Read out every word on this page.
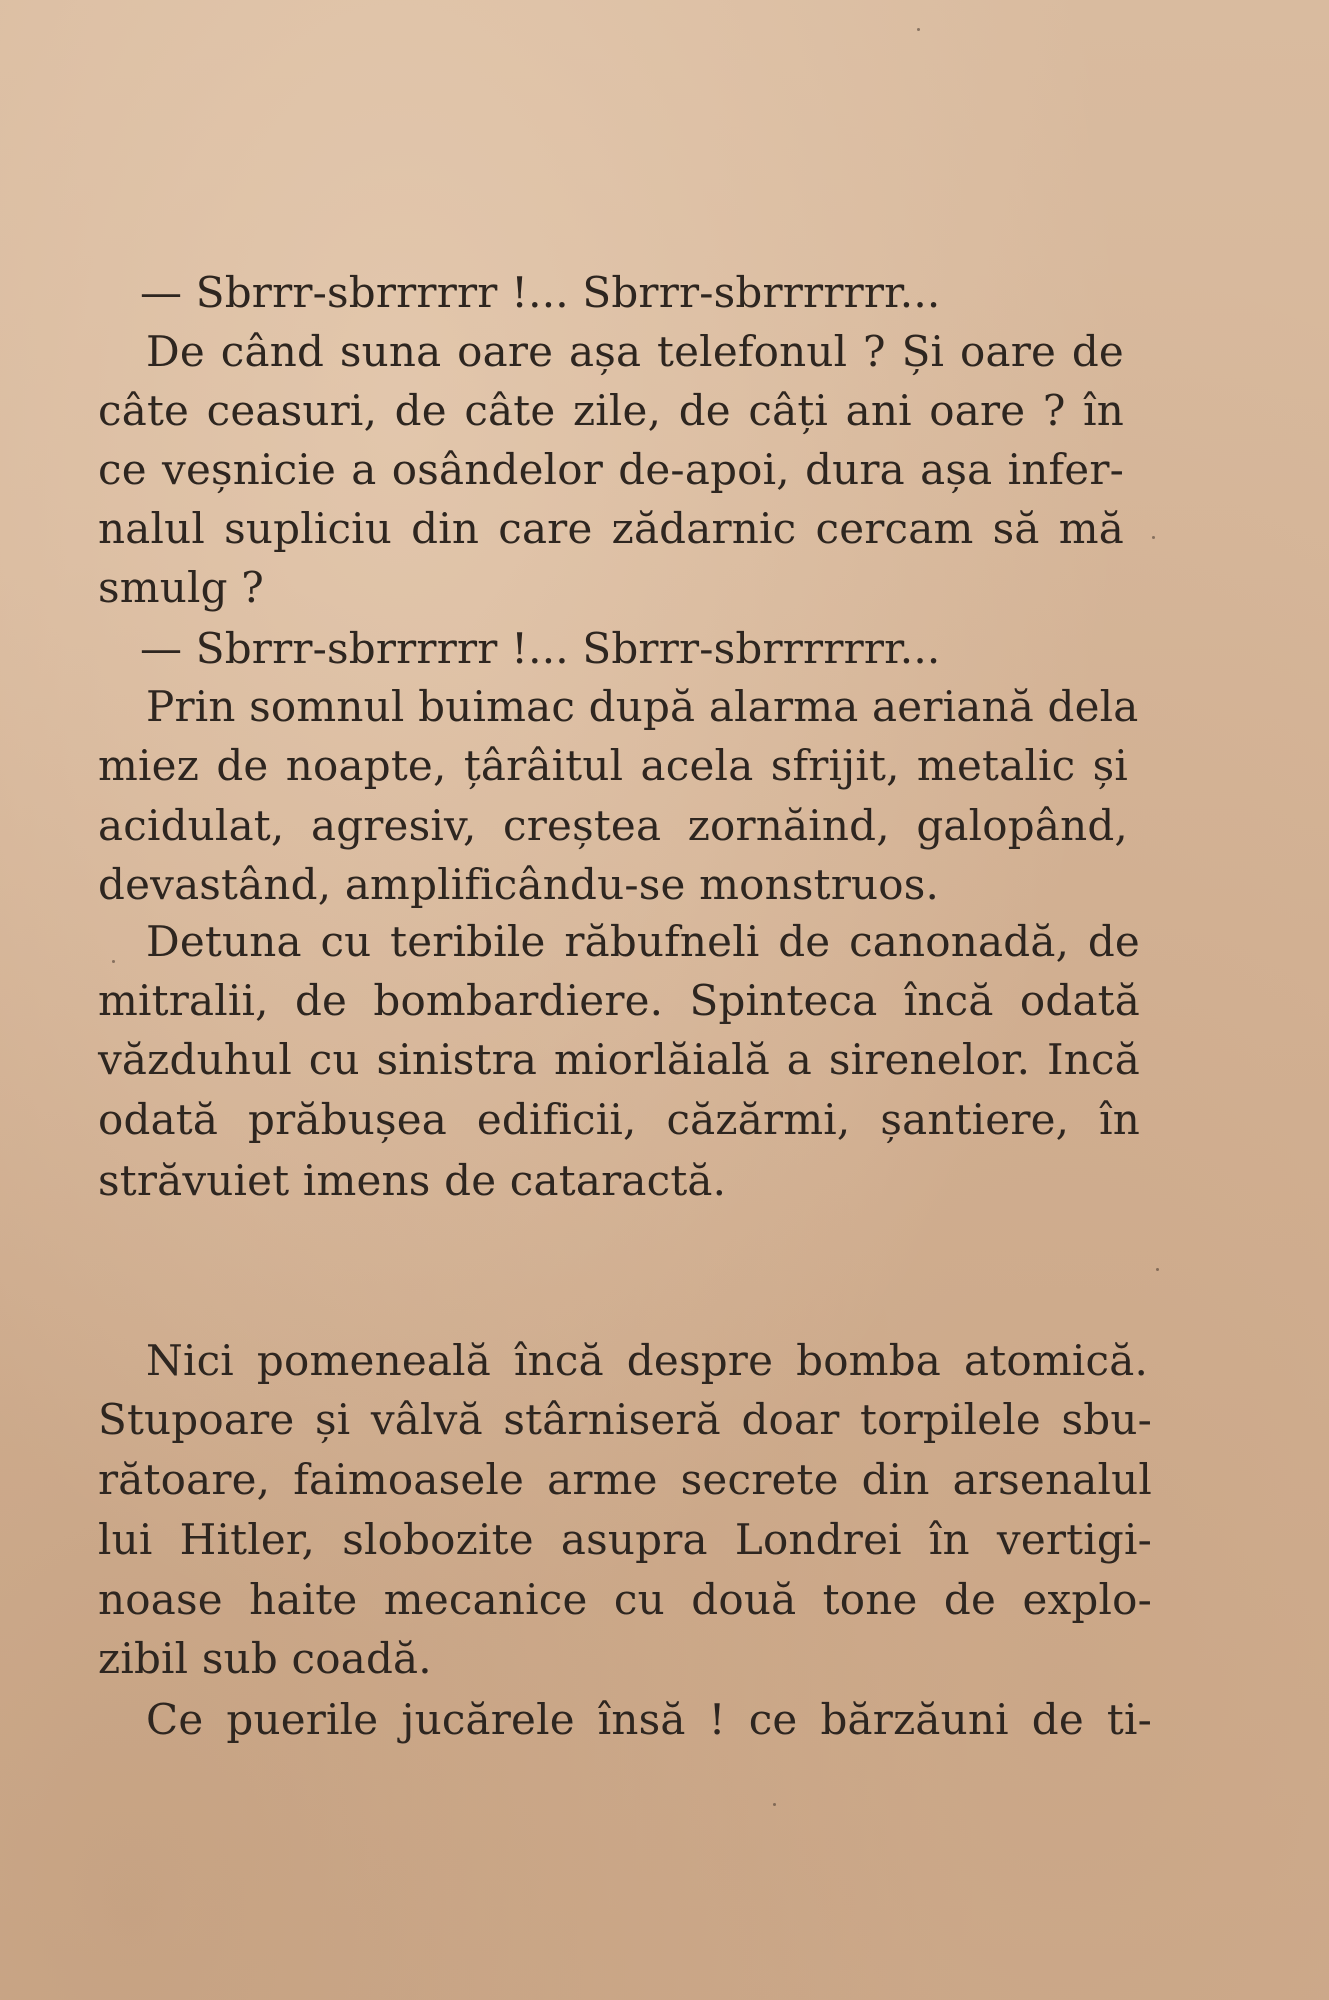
— Sbrrr-sbrrrrrr !... Sbrrr-sbrrrrrrr...
De când suna oare așa telefonul ? Și oare de
câte ceasuri, de câte zile, de câți ani oare ? în
ce veșnicie a osândelor de-apoi, dura așa infer-
nalul supliciu din care zădarnic cercam să mă
smulg ?
— Sbrrr-sbrrrrrr !... Sbrrr-sbrrrrrrr...
Prin somnul buimac după alarma aeriană dela
miez de noapte, țârâitul acela sfrijit, metalic și
acidulat, agresiv, creștea zornăind, galopând,
devastând, amplificându-se monstruos.
Detuna cu teribile răbufneli de canonadă, de
mitralii, de bombardiere. Spinteca încă odată
văzduhul cu sinistra miorlăială a sirenelor. Incă
odată prăbușea edificii, căzărmi, șantiere, în
străvuiet imens de cataractă.
Nici pomeneală încă despre bomba atomică.
Stupoare și vâlvă stârniseră doar torpilele sbu-
rătoare, faimoasele arme secrete din arsenalul
lui Hitler, slobozite asupra Londrei în vertigi-
noase haite mecanice cu două tone de explo-
zibil sub coadă.
Ce puerile jucărele însă ! ce bărzăuni de ti-
